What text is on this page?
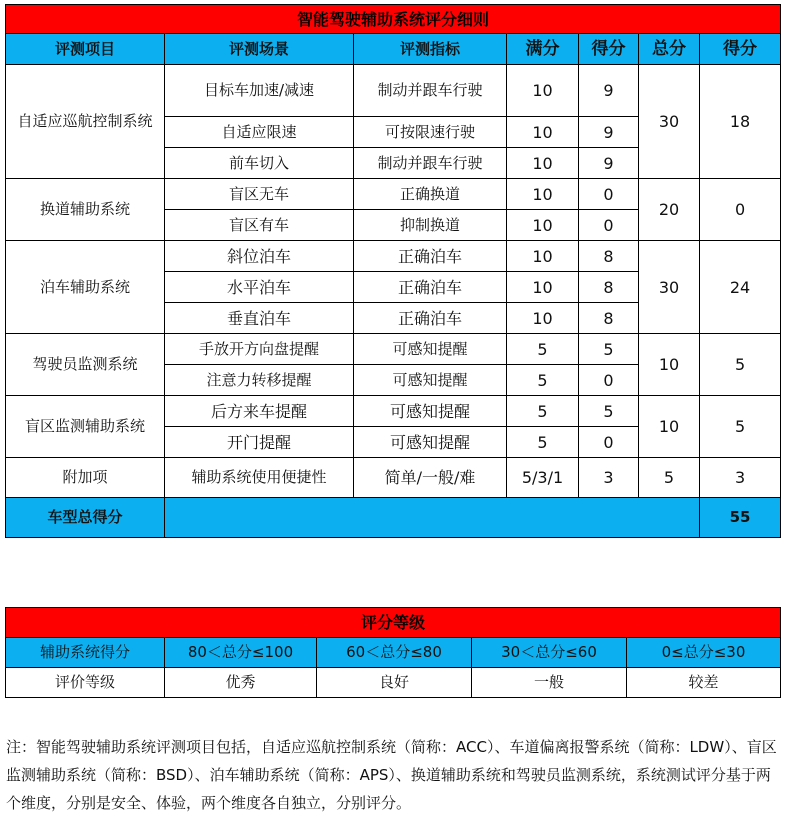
智能驾驶辅助系统评分细则						
评测项目	评测场景	评测指标	满分	得分	总分	得分
自适应巡航控制系统	目标车加速/减速	制动并跟车行驶	10	9	30	18
	自适应限速	可按限速行驶	10	9		
	前车切入	制动并跟车行驶	10	9		
换道辅助系统	盲区无车	正确换道	10	0	20	0
	盲区有车	抑制换道	10	0		
泊车辅助系统	斜位泊车	正确泊车	10	8	30	24
	水平泊车	正确泊车	10	8		
	垂直泊车	正确泊车	10	8		
驾驶员监测系统	手放开方向盘提醒	可感知提醒	5	5	10	5
	注意力转移提醒	可感知提醒	5	0		
盲区监测辅助系统	后方来车提醒	可感知提醒	5	5	10	5
	开门提醒	可感知提醒	5	0		
附加项	辅助系统使用便捷性	简单/一般/难	5/3/1	3	5	3
车型总得分						55
评分等级				
辅助系统得分	80＜总分≤100	60＜总分≤80	30＜总分≤60	0≤总分≤30
评价等级	优秀	良好	一般	较差

注：智能驾驶辅助系统评测项目包括，自适应巡航控制系统（简称：ACC）、车道偏离报警系统（简称：LDW）、盲区监测辅助系统（简称：BSD）、泊车辅助系统（简称：APS）、换道辅助系统和驾驶员监测系统，系统测试评分基于两个维度，分别是安全、体验，两个维度各自独立，分别评分。
